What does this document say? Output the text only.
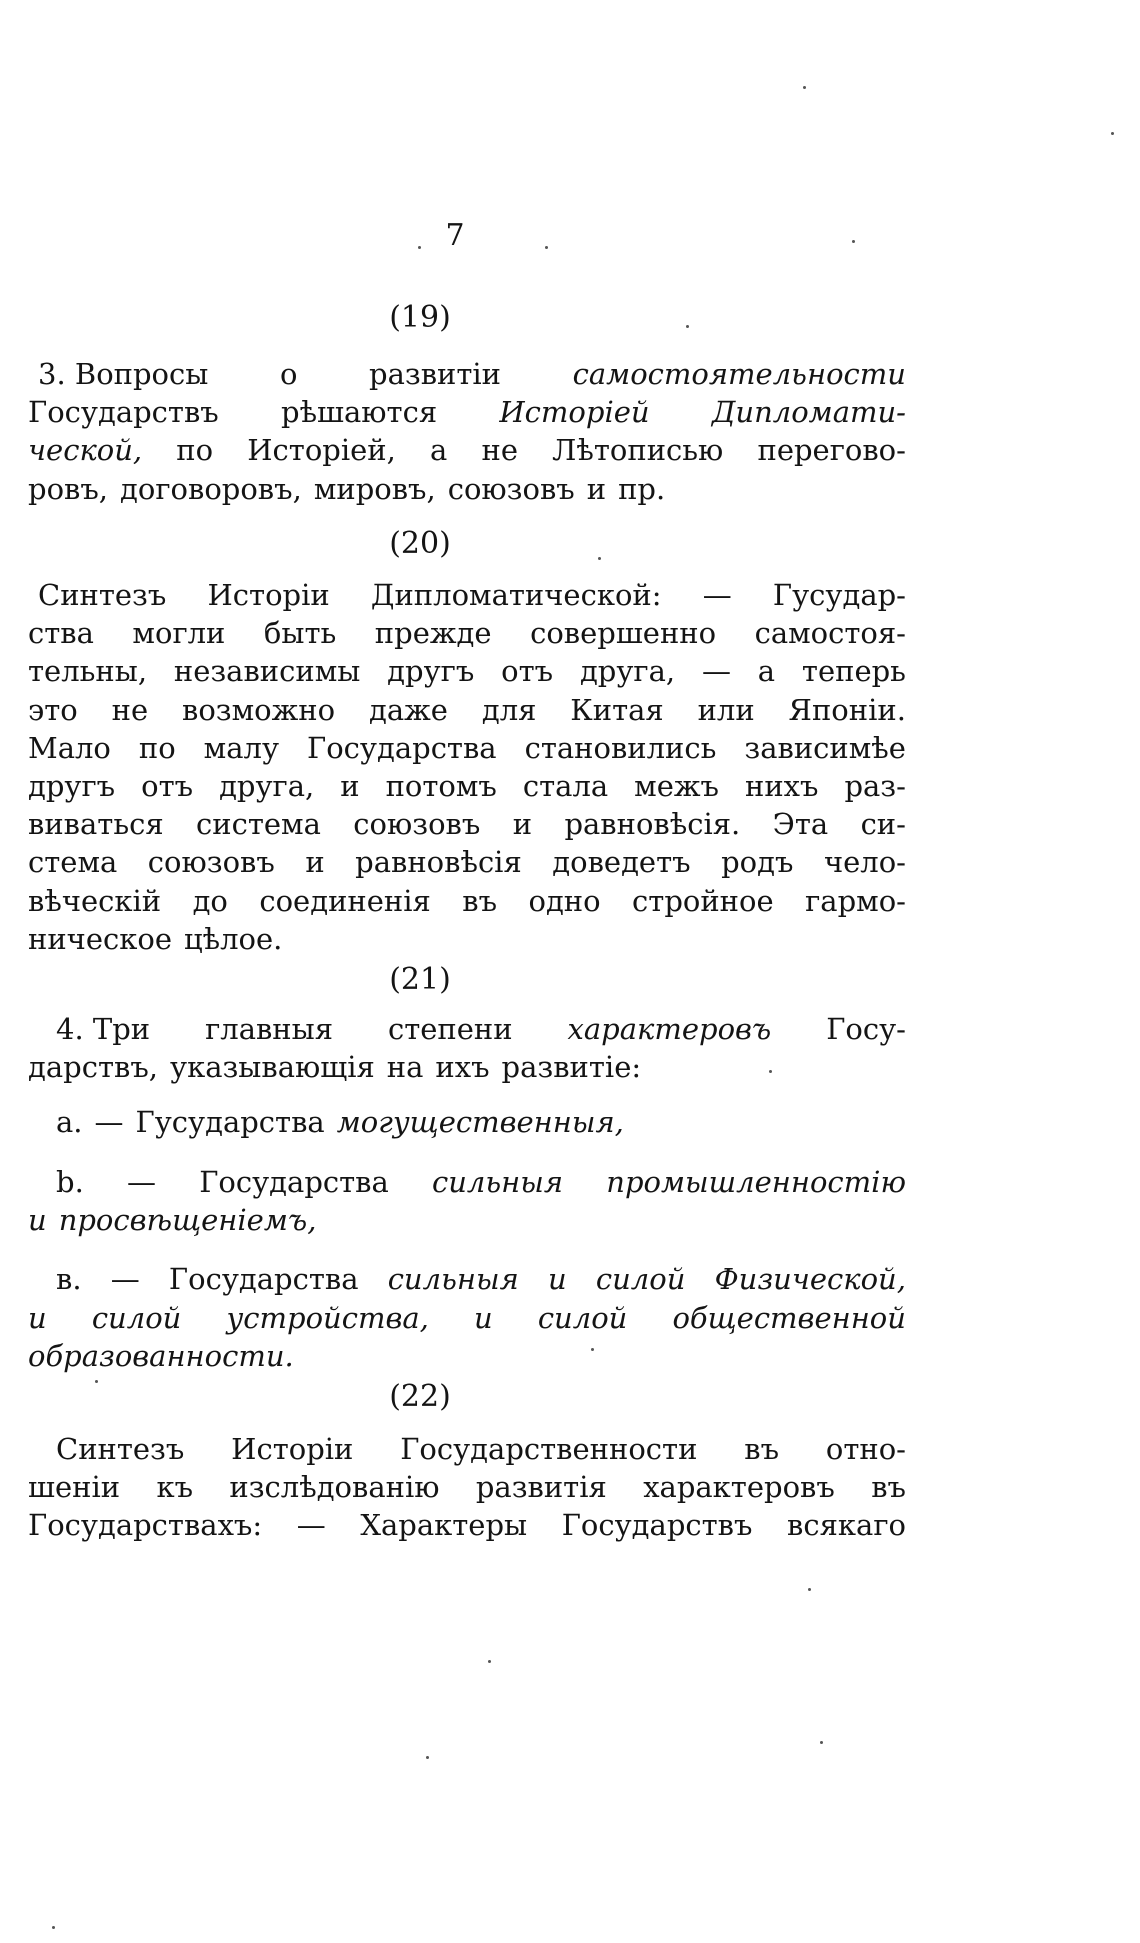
7
(19)
3. Вопросы о развитіи самостоятельности
Государствъ рѣшаются Исторіей Дипломати-
ческой, по Исторіей, а не Лѣтописью перегово-
ровъ, договоровъ, мировъ, союзовъ и пр.
(20)
Синтезъ Исторіи Дипломатической: — Гусудар-
ства могли быть прежде совершенно самостоя-
тельны, независимы другъ отъ друга, — а теперь
это не возможно даже для Китая или Японіи.
Мало по малу Государства становились зависимѣе
другъ отъ друга, и потомъ стала межъ нихъ раз-
виваться система союзовъ и равновѣсія. Эта си-
стема союзовъ и равновѣсія доведетъ родъ чело-
вѣческій до соединенія въ одно стройное гармо-
ническое цѣлое.
(21)
4. Три главныя степени характеровъ Госу-
дарствъ, указывающія на ихъ развитіе:
a. — Гусударства могущественныя,
b. — Государства сильныя промышленностію
и просвѣщеніемъ,
в. — Государства сильныя и силой Физической,
и силой устройства, и силой общественной
образованности.
(22)
Синтезъ Исторіи Государственности въ отно-
шеніи къ изслѣдованію развитія характеровъ въ
Государствахъ: — Характеры Государствъ всякаго
